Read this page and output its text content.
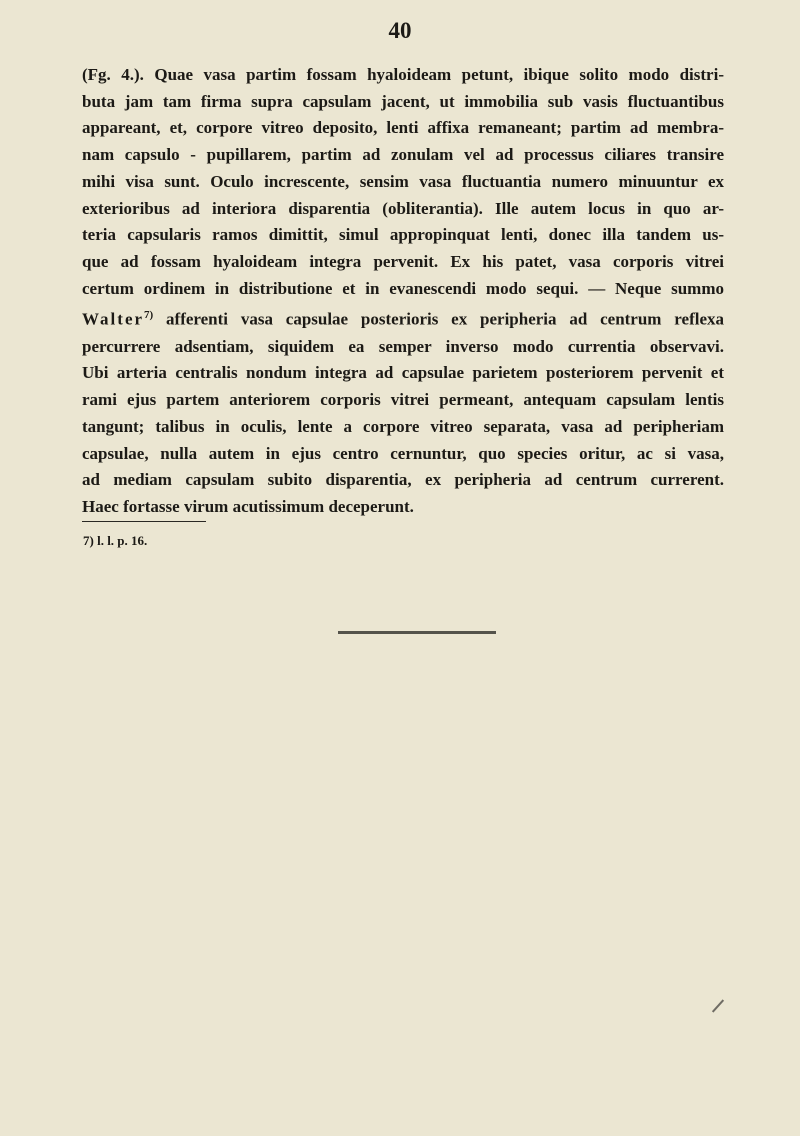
40
(Fg. 4.). Quae vasa partim fossam hyaloideam petunt, ibique solito modo distri-
buta jam tam firma supra capsulam jacent, ut immobilia sub vasis fluctuantibus
appareant, et, corpore vitreo deposito, lenti affixa remaneant; partim ad membra-
nam capsulo - pupillarem, partim ad zonulam vel ad processus ciliares transire
mihi visa sunt. Oculo increscente, sensim vasa fluctuantia numero minuuntur ex
exterioribus ad interiora disparentia (obliterantia). Ille autem locus in quo ar-
teria capsularis ramos dimittit, simul appropinquat lenti, donec illa tandem us-
que ad fossam hyaloideam integra pervenit. Ex his patet, vasa corporis vitrei
certum ordinem in distributione et in evanescendi modo sequi. — Neque summo
Walter$^{7)}$ afferenti vasa capsulae posterioris ex peripheria ad centrum reflexa
percurrere adsentiam, siquidem ea semper inverso modo currentia observavi.
Ubi arteria centralis nondum integra ad capsulae parietem posteriorem pervenit et
rami ejus partem anteriorem corporis vitrei permeant, antequam capsulam lentis
tangunt; talibus in oculis, lente a corpore vitreo separata, vasa ad peripheriam
capsulae, nulla autem in ejus centro cernuntur, quo species oritur, ac si vasa,
ad mediam capsulam subito disparentia, ex peripheria ad centrum currerent.
Haec fortasse virum acutissimum deceperunt.
7) l. l. p. 16.
